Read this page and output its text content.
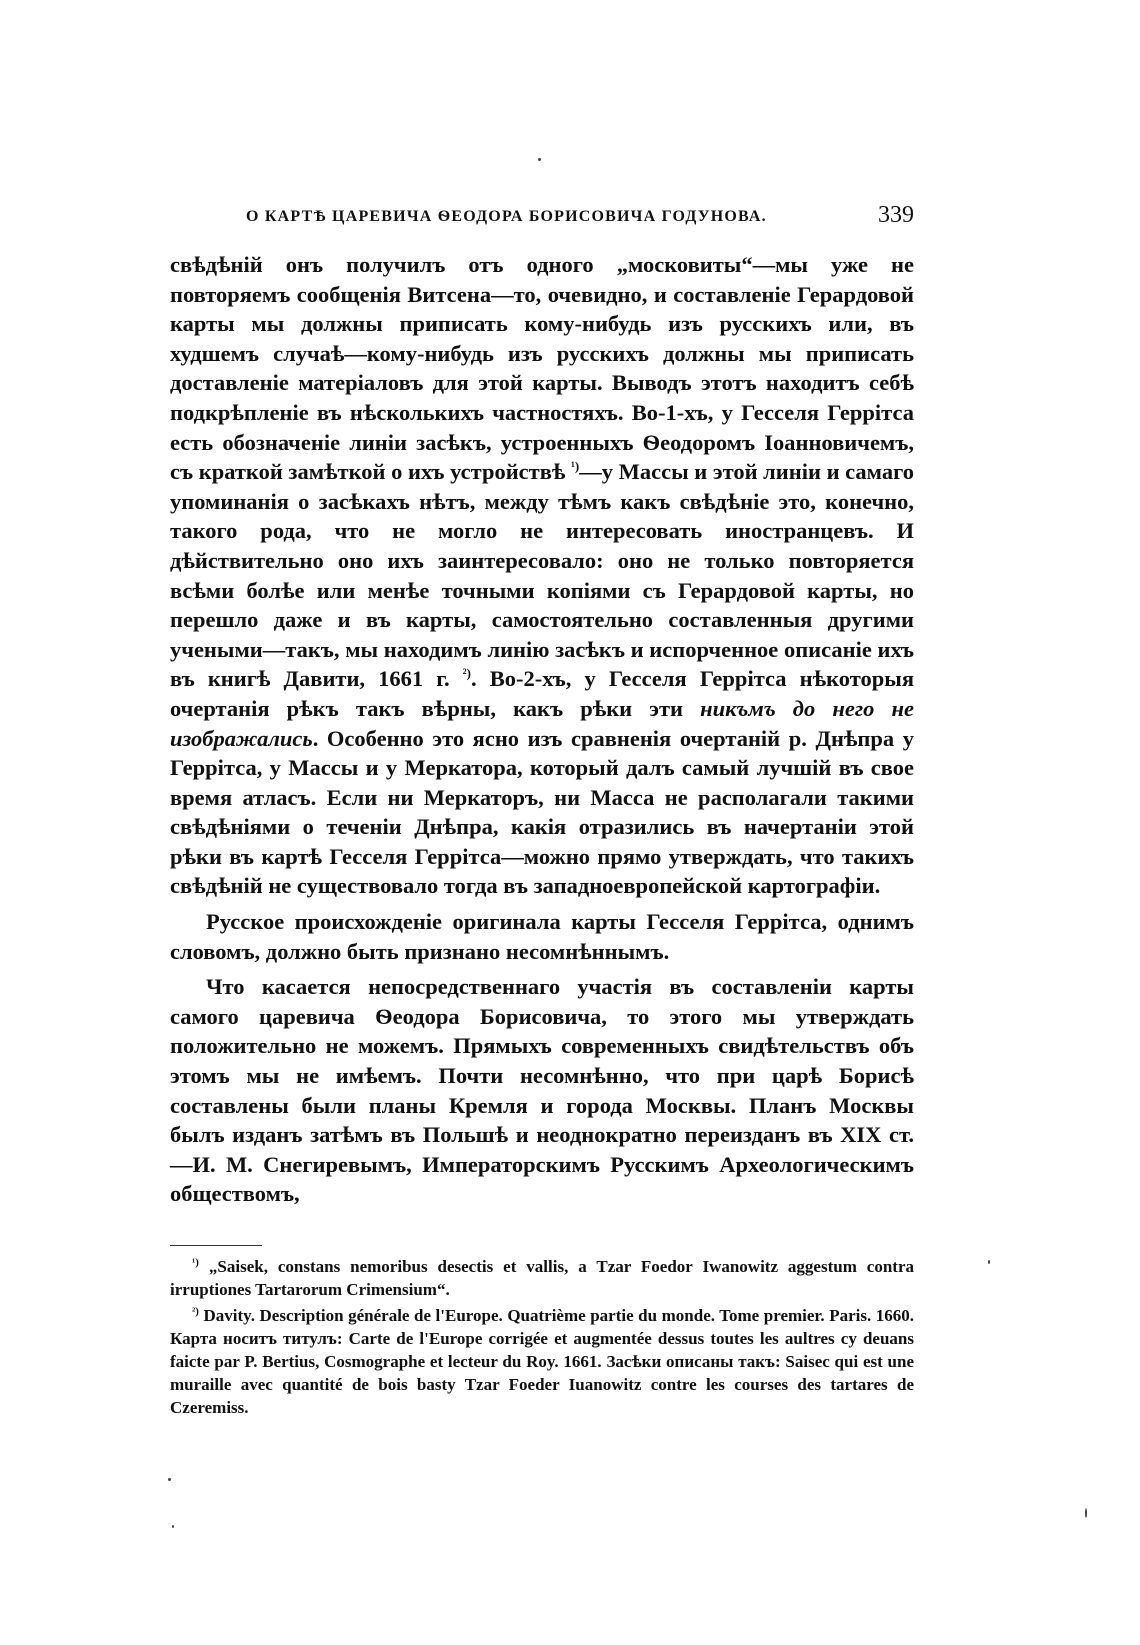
О КАРТѢ ЦАРЕВИЧА ѲЕОДОРА БОРИСОВИЧА ГОДУНОВА.	339

свѣдѣній онъ получилъ отъ одного „московиты“—мы уже не повторяемъ сообщенія Витсена—то, очевидно, и составленіе Герардовой карты мы должны приписать кому-нибудь изъ русскихъ или, въ худшемъ случаѣ—кому-нибудь изъ русскихъ должны мы приписать доставленіе матеріаловъ для этой карты. Выводъ этотъ находитъ себѣ подкрѣпленіе въ нѣсколькихъ частностяхъ. Во-1-хъ, у Гесселя Геррітса есть обозначеніе линіи засѣкъ, устроенныхъ Ѳеодоромъ Іоанновичемъ, съ краткой замѣткой о ихъ устройствѣ $^{^1)}$—у Массы и этой линіи и самаго упоминанія о засѣкахъ нѣтъ, между тѣмъ какъ свѣдѣніе это, конечно, такого рода, что не могло не интересовать иностранцевъ. И дѣйствительно оно ихъ заинтересовало: оно не только повторяется всѣми болѣе или менѣе точными копіями съ Герардовой карты, но перешло даже и въ карты, самостоятельно составленныя другими учеными—такъ, мы находимъ линію засѣкъ и испорченное описаніе ихъ въ книгѣ Давити, 1661 г. $^{^2)}$. Во-2-хъ, у Гесселя Геррітса нѣкоторыя очертанія рѣкъ такъ вѣрны, какъ рѣки эти никъмъ до него не изображались. Особенно это ясно изъ сравненія очертаній р. Днѣпра у Геррітса, у Массы и у Меркатора, который далъ самый лучшій въ свое время атласъ. Если ни Меркаторъ, ни Масса не располагали такими свѣдѣніями о теченіи Днѣпра, какія отразились въ начертаніи этой рѣки въ картѣ Гесселя Геррітса—можно прямо утверждать, что такихъ свѣдѣній не существовало тогда въ западноевропейской картографіи.

Русское происхожденіе оригинала карты Гесселя Геррітса, однимъ словомъ, должно быть признано несомнѣннымъ.

Что касается непосредственнаго участія въ составленіи карты самого царевича Ѳеодора Борисовича, то этого мы утверждать положительно не можемъ. Прямыхъ современныхъ свидѣтельствъ объ этомъ мы не имѣемъ. Почти несомнѣнно, что при царѣ Борисѣ составлены были планы Кремля и города Москвы. Планъ Москвы былъ изданъ затѣмъ въ Польшѣ и неоднократно переизданъ въ XIX ст.—И. М. Снегиревымъ, Императорскимъ Русскимъ Археологическимъ обществомъ,

$^{^1)}$ „Saisek, constans nemoribus desectis et vallis, a Tzar Foedor Iwanowitz aggestum contra irruptiones Tartarorum Crimensium“.

$^{^2)}$ Davity. Description générale de l'Europe. Quatrième partie du monde. Tome premier. Paris. 1660. Карта носитъ титулъ: Carte de l'Europe corrigée et augmentée dessus toutes les aultres cy deuans faicte par P. Bertius, Cosmographe et lecteur du Roy. 1661. Засѣки описаны такъ: Saisec qui est une muraille avec quantité de bois basty Tzar Foeder Iuanowitz contre les courses des tartares de Czeremiss.
